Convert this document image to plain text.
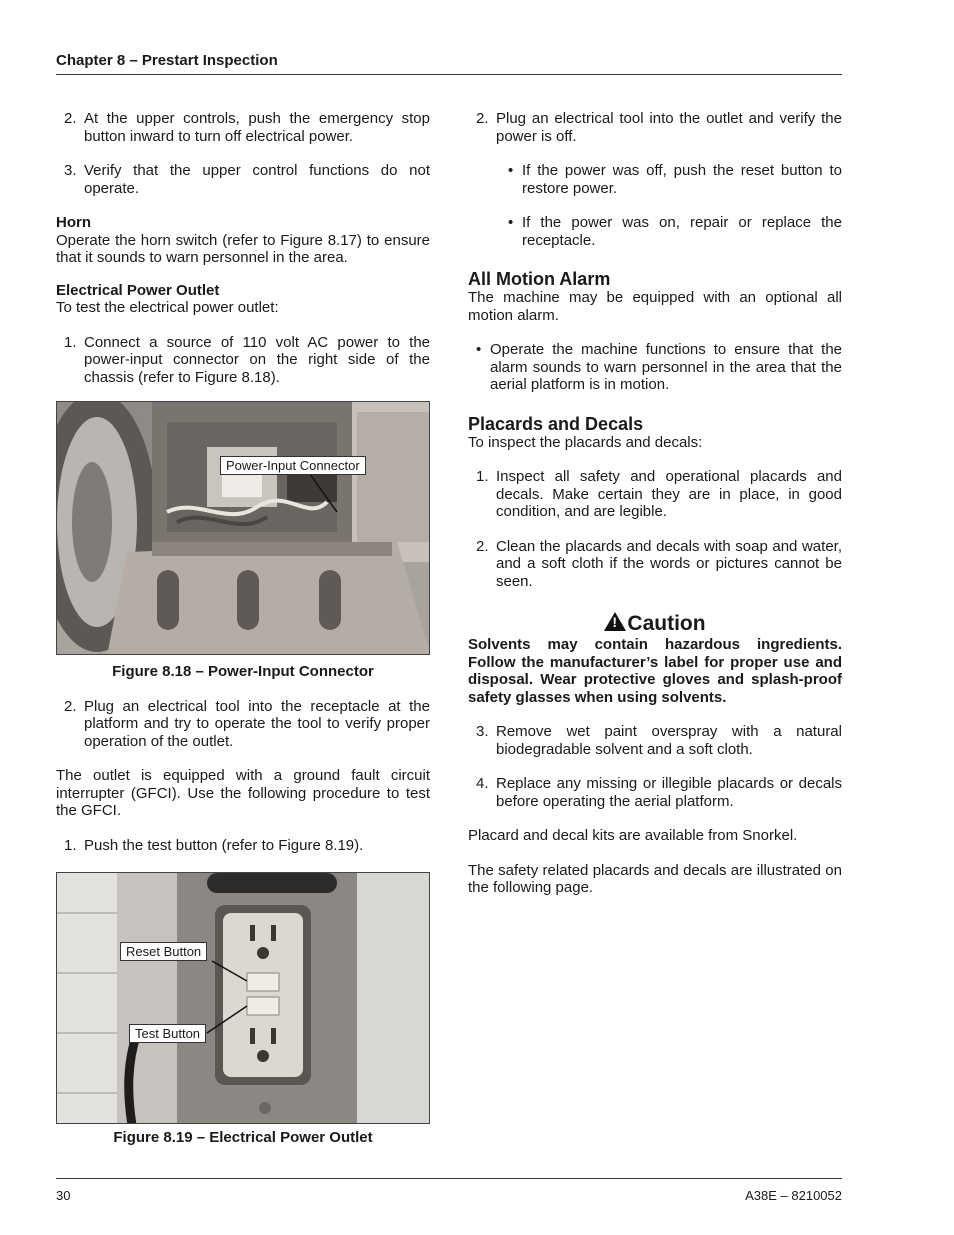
Chapter 8 – Prestart Inspection
2. At the upper controls, push the emergency stop button inward to turn off electrical power.
3. Verify that the upper control functions do not operate.
Horn
Operate the horn switch (refer to Figure 8.17) to ensure that it sounds to warn personnel in the area.
Electrical Power Outlet
To test the electrical power outlet:
1. Connect a source of 110 volt AC power to the power-input connector on the right side of the chassis (refer to Figure 8.18).
Power-Input Connector
Figure 8.18 – Power-Input Connector
2. Plug an electrical tool into the receptacle at the platform and try to operate the tool to verify proper operation of the outlet.
The outlet is equipped with a ground fault circuit interrupter (GFCI). Use the following procedure to test the GFCI.
1. Push the test button (refer to Figure 8.19).
Reset Button
Test Button
Figure 8.19 – Electrical Power Outlet
2. Plug an electrical tool into the outlet and verify the power is off.
• If the power was off, push the reset button to restore power.
• If the power was on, repair or replace the receptacle.
All Motion Alarm
The machine may be equipped with an optional all motion alarm.
• Operate the machine functions to ensure that the alarm sounds to warn personnel in the area that the aerial platform is in motion.
Placards and Decals
To inspect the placards and decals:
1. Inspect all safety and operational placards and decals. Make certain they are in place, in good condition, and are legible.
2. Clean the placards and decals with soap and water, and a soft cloth if the words or pictures cannot be seen.
!Caution
Solvents may contain hazardous ingredients. Follow the manufacturer’s label for proper use and disposal. Wear protective gloves and splash-proof safety glasses when using solvents.
3. Remove wet paint overspray with a natural biodegradable solvent and a soft cloth.
4. Replace any missing or illegible placards or decals before operating the aerial platform.
Placard and decal kits are available from Snorkel.
The safety related placards and decals are illustrated on the following page.
30	A38E – 8210052
